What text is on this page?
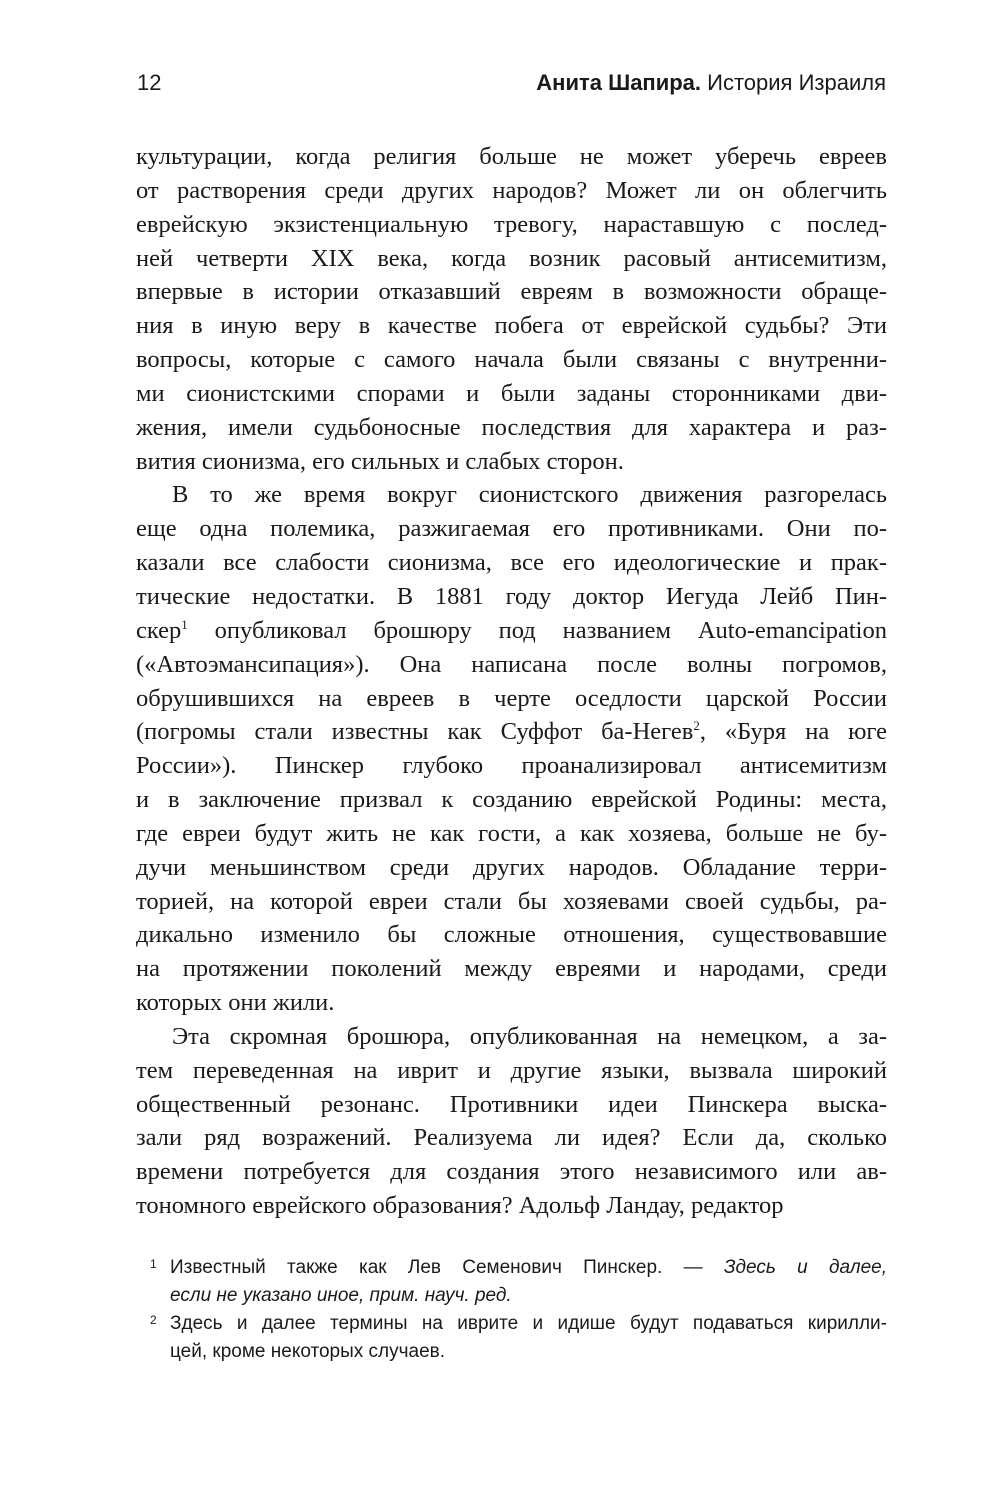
12	Анита Шапира. История Израиля
культурации, когда религия больше не может уберечь евреев
от растворения среди других народов? Может ли он облегчить
еврейскую экзистенциальную тревогу, нараставшую с послед-
ней четверти XIX века, когда возник расовый антисемитизм,
впервые в истории отказавший евреям в возможности обраще-
ния в иную веру в качестве побега от еврейской судьбы? Эти
вопросы, которые с самого начала были связаны с внутренни-
ми сионистскими спорами и были заданы сторонниками дви-
жения, имели судьбоносные последствия для характера и раз-
вития сионизма, его сильных и слабых сторон.
В то же время вокруг сионистского движения разгорелась
еще одна полемика, разжигаемая его противниками. Они по-
казали все слабости сионизма, все его идеологические и прак-
тические недостатки. В 1881 году доктор Иегуда Лейб Пин-
скер$^1$ опубликовал брошюру под названием Auto-emancipation
(«Автоэмансипация»). Она написана после волны погромов,
обрушившихся на евреев в черте оседлости царской России
(погромы стали известны как Суффот ба-Негев$^2$, «Буря на юге
России»). Пинскер глубоко проанализировал антисемитизм
и в заключение призвал к созданию еврейской Родины: места,
где евреи будут жить не как гости, а как хозяева, больше не бу-
дучи меньшинством среди других народов. Обладание терри-
торией, на которой евреи стали бы хозяевами своей судьбы, ра-
дикально изменило бы сложные отношения, существовавшие
на протяжении поколений между евреями и народами, среди
которых они жили.
Эта скромная брошюра, опубликованная на немецком, а за-
тем переведенная на иврит и другие языки, вызвала широкий
общественный резонанс. Противники идеи Пинскера выска-
зали ряд возражений. Реализуема ли идея? Если да, сколько
времени потребуется для создания этого независимого или ав-
тономного еврейского образования? Адольф Ландау, редактор
1 Известный также как Лев Семенович Пинскер. — Здесь и далее,
если не указано иное, прим. науч. ред.
2 Здесь и далее термины на иврите и идише будут подаваться кирилли-
цей, кроме некоторых случаев.
